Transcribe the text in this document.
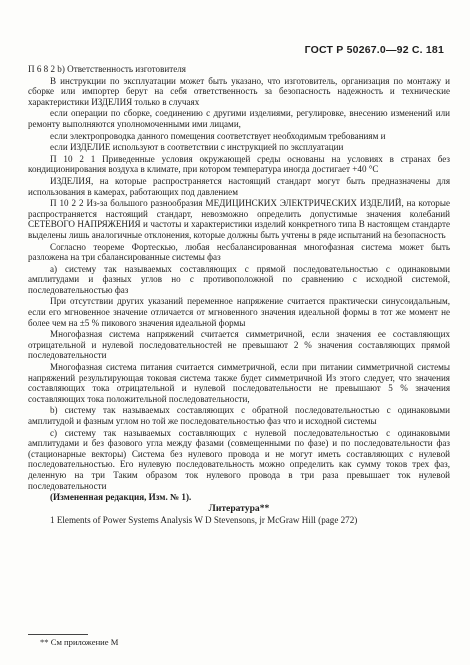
ГОСТ Р 50267.0—92 С. 181

П 6 8 2 b) Ответственность изготовителя

В инструкции по эксплуатации может быть указано, что изготовитель, организация по монтажу и сборке или импортер берут на себя ответственность за безопасность надежность и технические характеристики ИЗДЕЛИЯ только в случаях

если операции по сборке, соединению с другими изделиями, регулировке, внесению изменений или ремонту выполняются уполномоченными ими лицами,

если электропроводка данного помещения соответствует необходимым требованиям и

если ИЗДЕЛИЕ используют в соответствии с инструкцией по эксплуатации

П 10 2 1 Приведенные условия окружающей среды основаны на условиях в странах без кондиционирования воздуха в климате, при котором температура иногда достигает +40 °С

ИЗДЕЛИЯ, на которые распространяется настоящий стандарт могут быть предназначены для использования в камерах, работающих под давлением

П 10 2 2 Из-за большого разнообразия МЕДИЦИНСКИХ ЭЛЕКТРИЧЕСКИХ ИЗДЕЛИЙ, на которые распространяется настоящий стандарт, невозможно определить допустимые значения колебаний СЕТЕВОГО НАПРЯЖЕНИЯ и частоты и характеристики изделий конкретного типа В настоящем стандарте выделены лишь аналогичные отклонения, которые должны быть учтены в ряде испытаний на безопасность

Согласно теореме Фортескью, любая несбалансированная многофазная система может быть разложена на три сбалансированные системы фаз

a) систему так называемых составляющих с прямой последовательностью с одинаковыми амплитудами и фазных углов но с противоположной по сравнению с исходной системой, последовательностью фаз

При отсутствии других указаний переменное напряжение считается практически синусоидальным, если его мгновенное значение отличается от мгновенного значения идеальной формы в тот же момент не более чем на ±5 % пикового значения идеальной формы

Многофазная система напряжений считается симметричной, если значения ее составляющих отрицательной и нулевой последовательностей не превышают 2 % значения составляющих прямой последовательности

Многофазная система питания считается симметричной, если при питании симметричной системы напряжений результирующая токовая система также будет симметричной Из этого следует, что значения составляющих тока отрицательной и нулевой последовательности не превышают 5 % значения составляющих тока положительной последовательности,

b) систему так называемых составляющих с обратной последовательностью с одинаковыми амплитудой и фазным углом но той же последовательностью фаз что и исходной системы

c) систему так называемых составляющих с нулевой последовательностью с одинаковыми амплитудами и без фазового угла между фазами (совмещенными по фазе) и по последовательности фаз (стационарные векторы) Система без нулевого провода и не могут иметь составляющих с нулевой последовательностью. Его нулевую последовательность можно определить как сумму токов трех фаз, деленную на три Таким образом ток нулевого провода в три раза превышает ток нулевой последовательности

(Измененная редакция, Изм. № 1).

Литература**

1 Elements of Power Systems Analysis W D Stevensons, jr McGraw Hill (page 272)

** См приложение М
